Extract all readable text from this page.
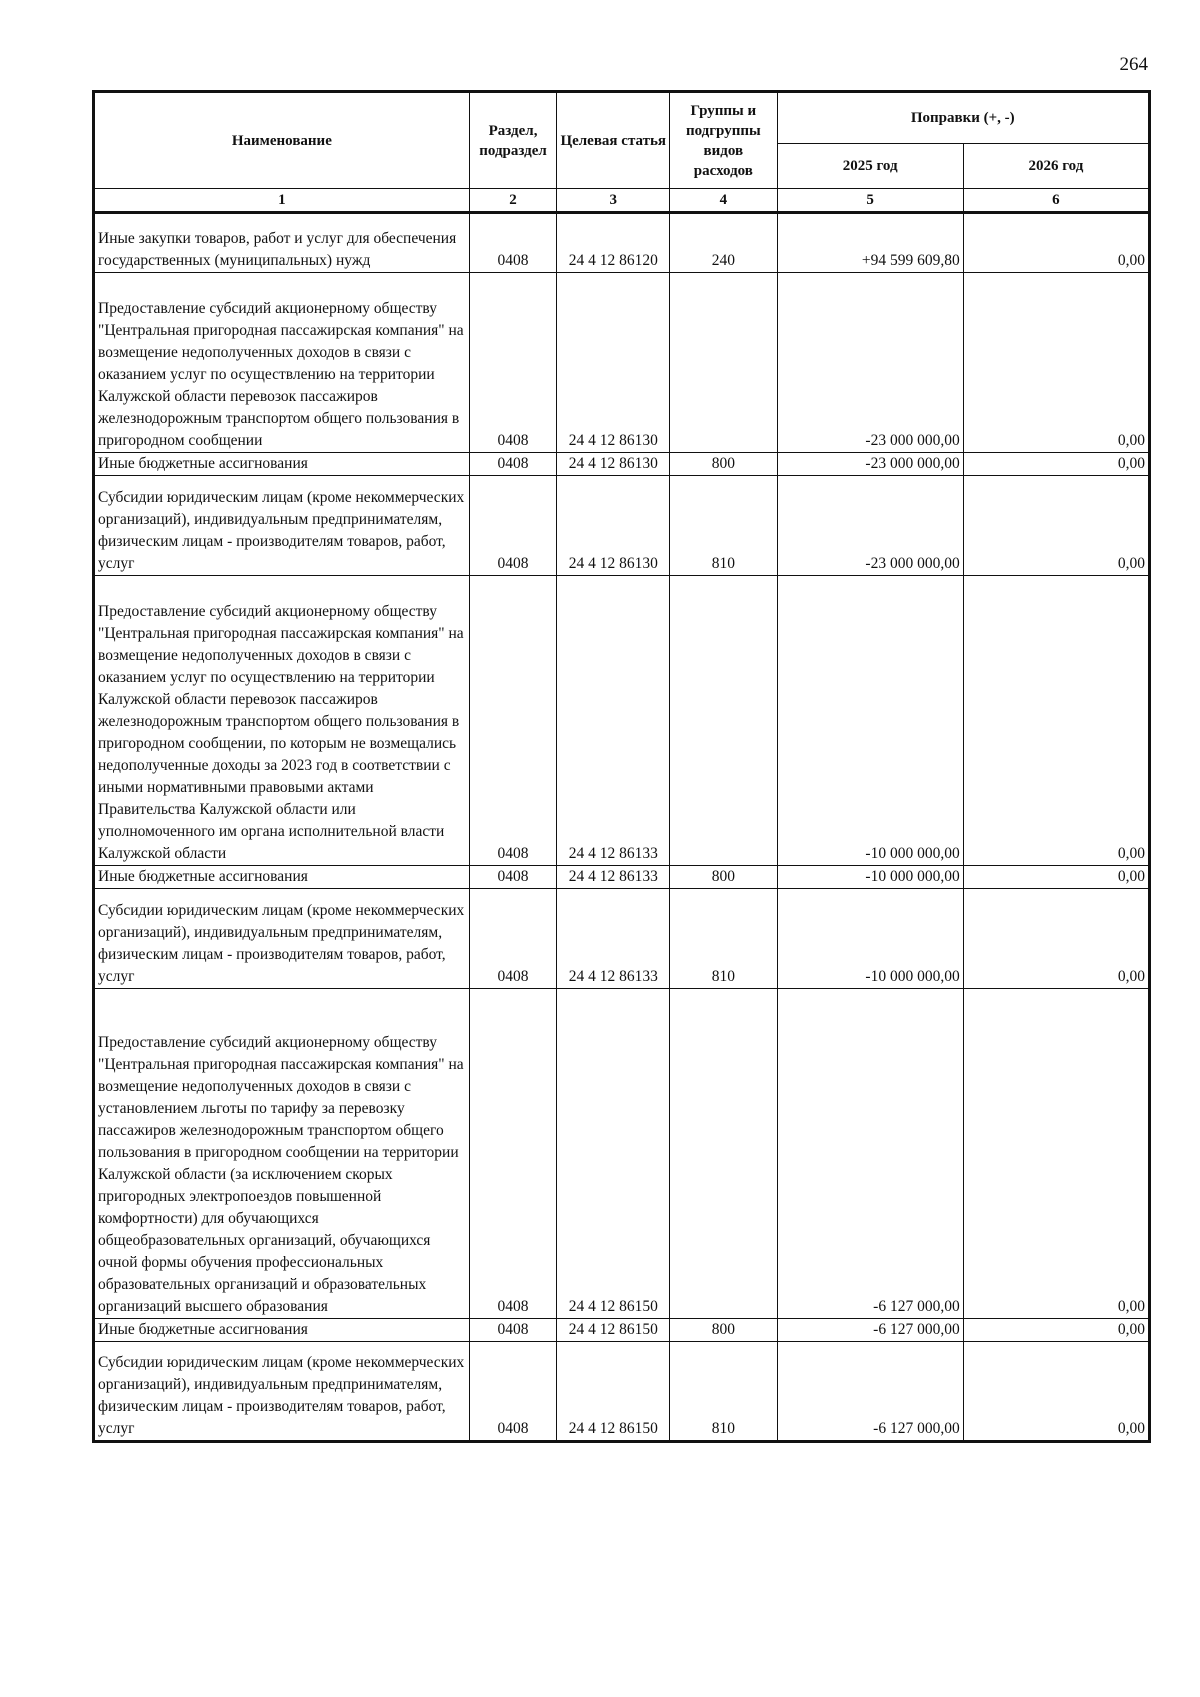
264
Наименование	Раздел, подраздел	Целевая статья	Группы и подгруппы видов расходов	Поправки (+, -)	
				2025 год	2026 год
1	2	3	4	5	6
Иные закупки товаров, работ и услуг для обеспечения государственных (муниципальных) нужд	0408	24 4 12 86120	240	+94 599 609,80	0,00
Предоставление субсидий акционерному обществу "Центральная пригородная пассажирская компания" на возмещение недополученных доходов в связи с оказанием услуг по осуществлению на территории Калужской области перевозок пассажиров железнодорожным транспортом общего пользования в пригородном сообщении	0408	24 4 12 86130		-23 000 000,00	0,00
Иные бюджетные ассигнования	0408	24 4 12 86130	800	-23 000 000,00	0,00
Субсидии юридическим лицам (кроме некоммерческих организаций), индивидуальным предпринимателям, физическим лицам - производителям товаров, работ, услуг	0408	24 4 12 86130	810	-23 000 000,00	0,00
Предоставление субсидий акционерному обществу "Центральная пригородная пассажирская компания" на возмещение недополученных доходов в связи с оказанием услуг по осуществлению на территории Калужской области перевозок пассажиров железнодорожным транспортом общего пользования в пригородном сообщении, по которым не возмещались недополученные доходы за 2023 год в соответствии с иными нормативными правовыми актами Правительства Калужской области или уполномоченного им органа исполнительной власти Калужской области	0408	24 4 12 86133		-10 000 000,00	0,00
Иные бюджетные ассигнования	0408	24 4 12 86133	800	-10 000 000,00	0,00
Субсидии юридическим лицам (кроме некоммерческих организаций), индивидуальным предпринимателям, физическим лицам - производителям товаров, работ, услуг	0408	24 4 12 86133	810	-10 000 000,00	0,00
Предоставление субсидий акционерному обществу "Центральная пригородная пассажирская компания" на возмещение недополученных доходов в связи с установлением льготы по тарифу за перевозку пассажиров железнодорожным транспортом общего пользования в пригородном сообщении на территории Калужской области (за исключением скорых пригородных электропоездов повышенной комфортности) для обучающихся общеобразовательных организаций, обучающихся очной формы обучения профессиональных образовательных организаций и образовательных организаций высшего образования	0408	24 4 12 86150		-6 127 000,00	0,00
Иные бюджетные ассигнования	0408	24 4 12 86150	800	-6 127 000,00	0,00
Субсидии юридическим лицам (кроме некоммерческих организаций), индивидуальным предпринимателям, физическим лицам - производителям товаров, работ, услуг	0408	24 4 12 86150	810	-6 127 000,00	0,00
